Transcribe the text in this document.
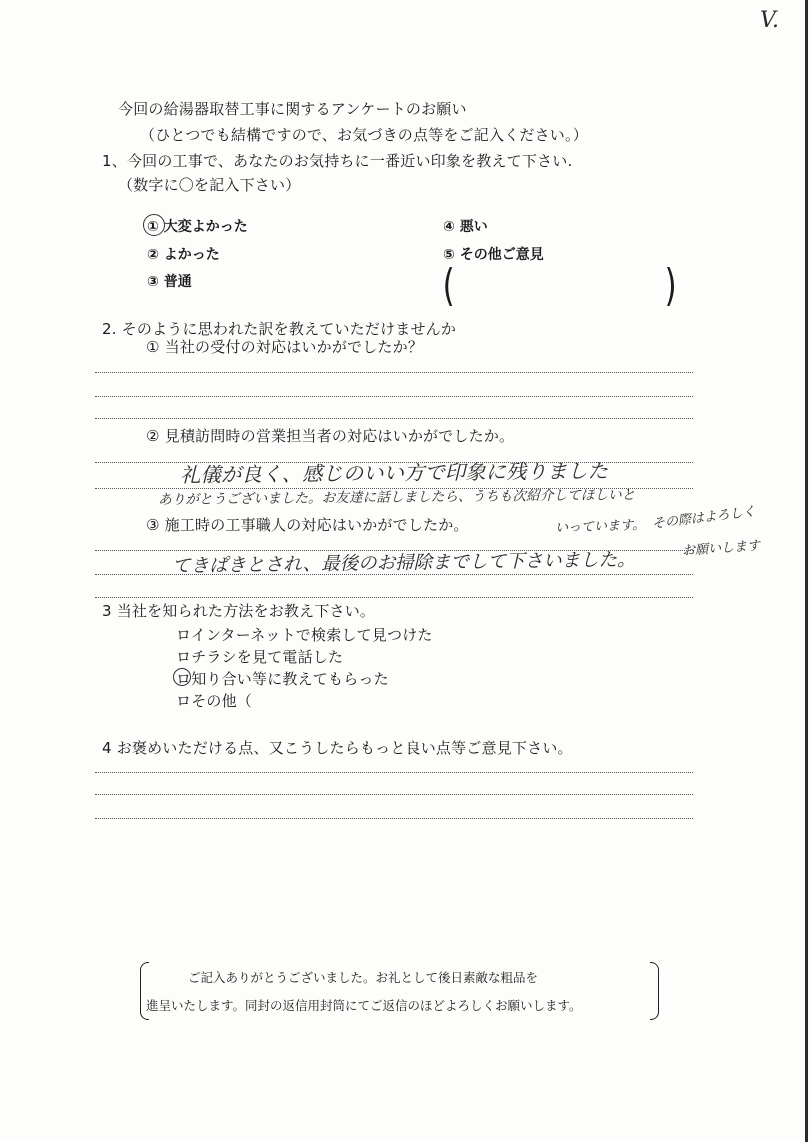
V.
今回の給湯器取替工事に関するアンケートのお願い
（ひとつでも結構ですので、お気づきの点等をご記入ください。）
1、今回の工事で、あなたのお気持ちに一番近い印象を教えて下さい.
（数字に〇を記入下さい）
① 大変よかった
② よかった
③ 普通
④ 悪い
⑤ その他ご意見
(	)
2. そのように思われた訳を教えていただけませんか
① 当社の受付の対応はいかがでしたか？
② 見積訪問時の営業担当者の対応はいかがでしたか。
礼儀が良く、感じのいい方で印象に残りました
ありがとうございました。お友達に話しましたら、うちも次紹介してほしいと
いっています。 その際はよろしく
お願いします
③ 施工時の工事職人の対応はいかがでしたか。
てきぱきとされ、最後のお掃除までして下さいました。
3 当社を知られた方法をお教え下さい。
ロインターネットで検索して見つけた
ロチラシを見て電話した
ロ知り合い等に教えてもらった
ロその他（
4 お褒めいただける点、又こうしたらもっと良い点等ご意見下さい。
ご記入ありがとうございました。お礼として後日素敵な粗品を
進呈いたします。同封の返信用封筒にてご返信のほどよろしくお願いします。
